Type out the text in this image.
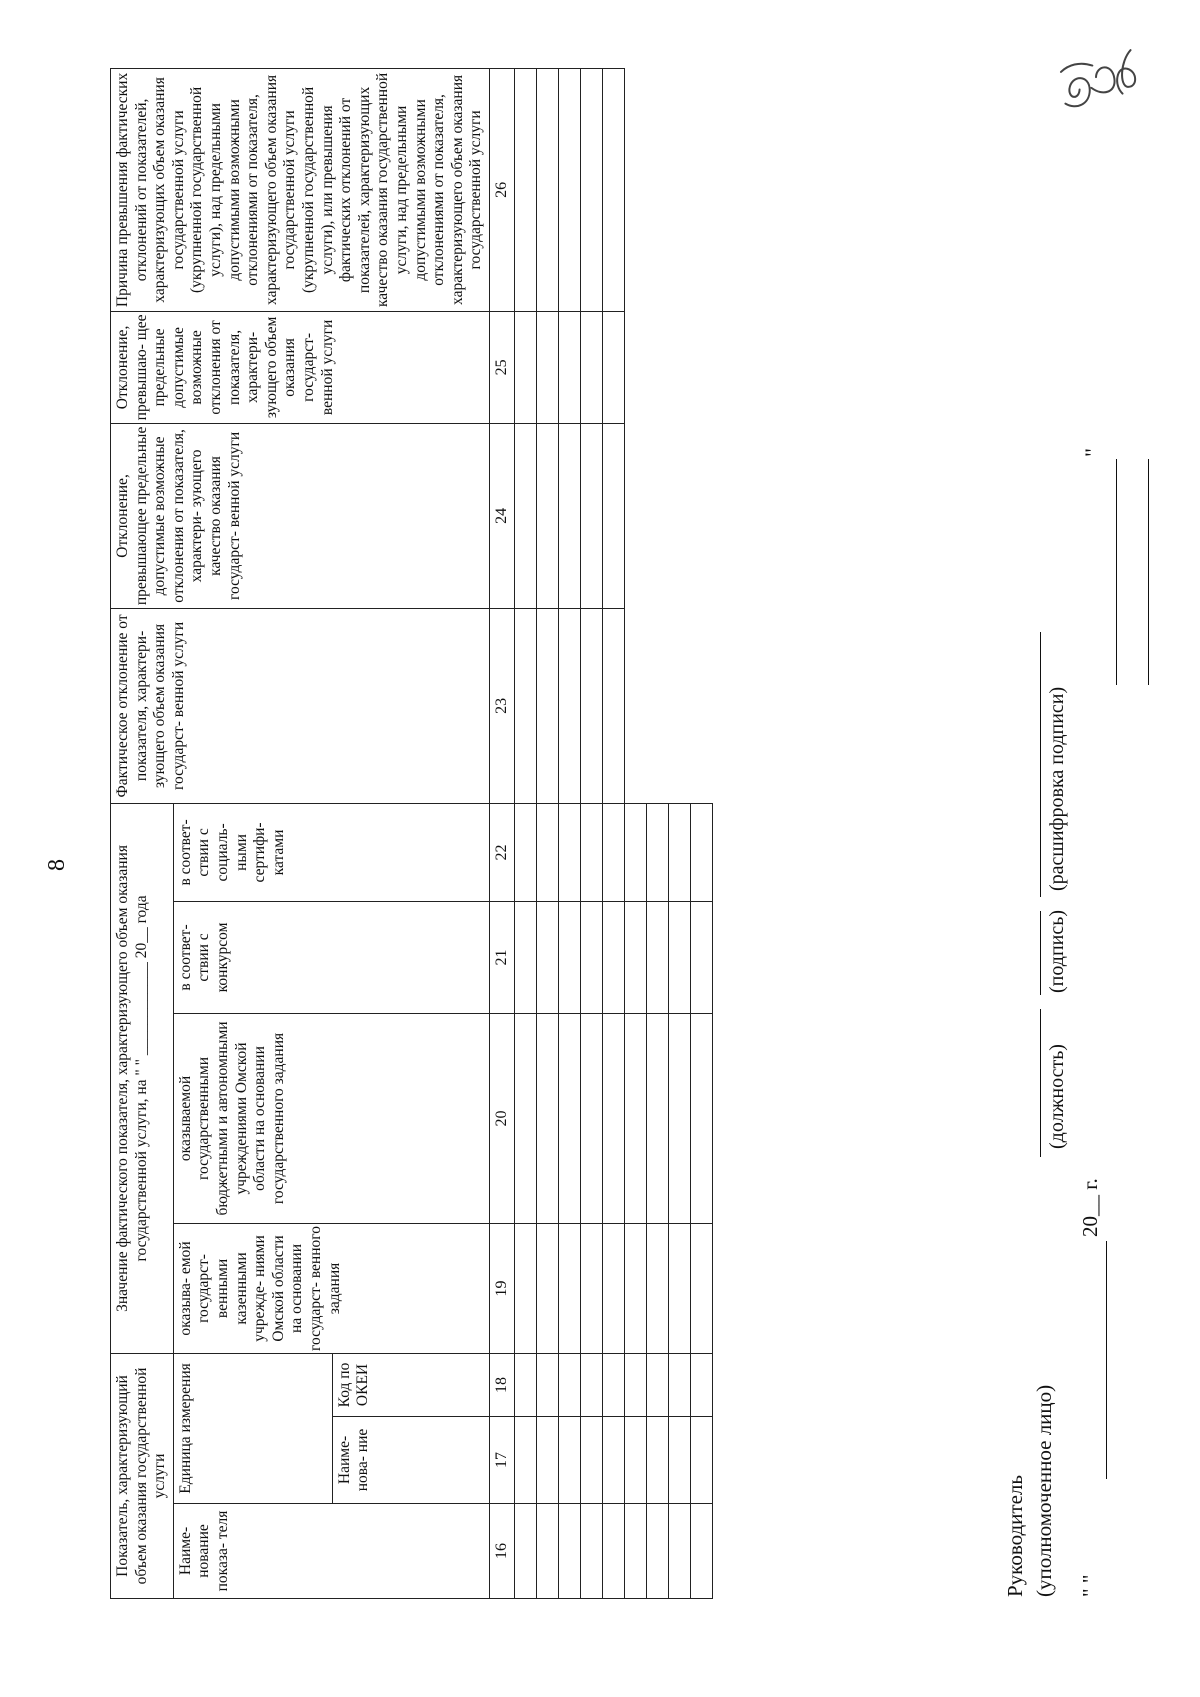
8
Показатель, характеризующий объем оказания государственной услуги			Значение фактического показателя, характеризующего объем оказания государственной услуги, на " " ____________ 20__ года				Фактическое отклонение от показателя, характери- зующего объем оказания государст- венной услуги	Отклонение, превышающее предельные допустимые возможные отклонения от показателя, характери- зующего качество оказания государст- венной услуги	Отклонение, превышаю- щее предельные допустимые возможные отклонения от показателя, характери- зующего объем оказания государст- венной услуги	Причина превышения фактических отклонений от показателей, характеризующих объем оказания государственной услуги (укрупненной государственной услуги), над предельными допустимыми возможными отклонениями от показателя, характеризующего объем оказания государственной услуги (укрупненной государственной услуги), или превышения фактических отклонений от показателей, характеризующих качество оказания государственной услуги, над предельными допустимыми возможными отклонениями от показателя, характеризующего объем оказания государственной услуги
Наиме- нование показа- теля	Единица измерения		оказыва- емой государст- венными казенными учрежде- ниями Омской области на основании государст- венного задания	оказываемой государственными бюджетными и автономными учреждениями Омской области на основании государственного задания	в соответ- ствии с конкурсом	в соответ- ствии с социаль- ными сертифи- катами				
	Наиме- нова- ние	Код по ОКЕИ								
16	17	18	19	20	21	22	23	24	25	26

Руководитель (уполномоченное лицо)
(должность)
(подпись)
(расшифровка подписи)
" "
20__ г.
"
